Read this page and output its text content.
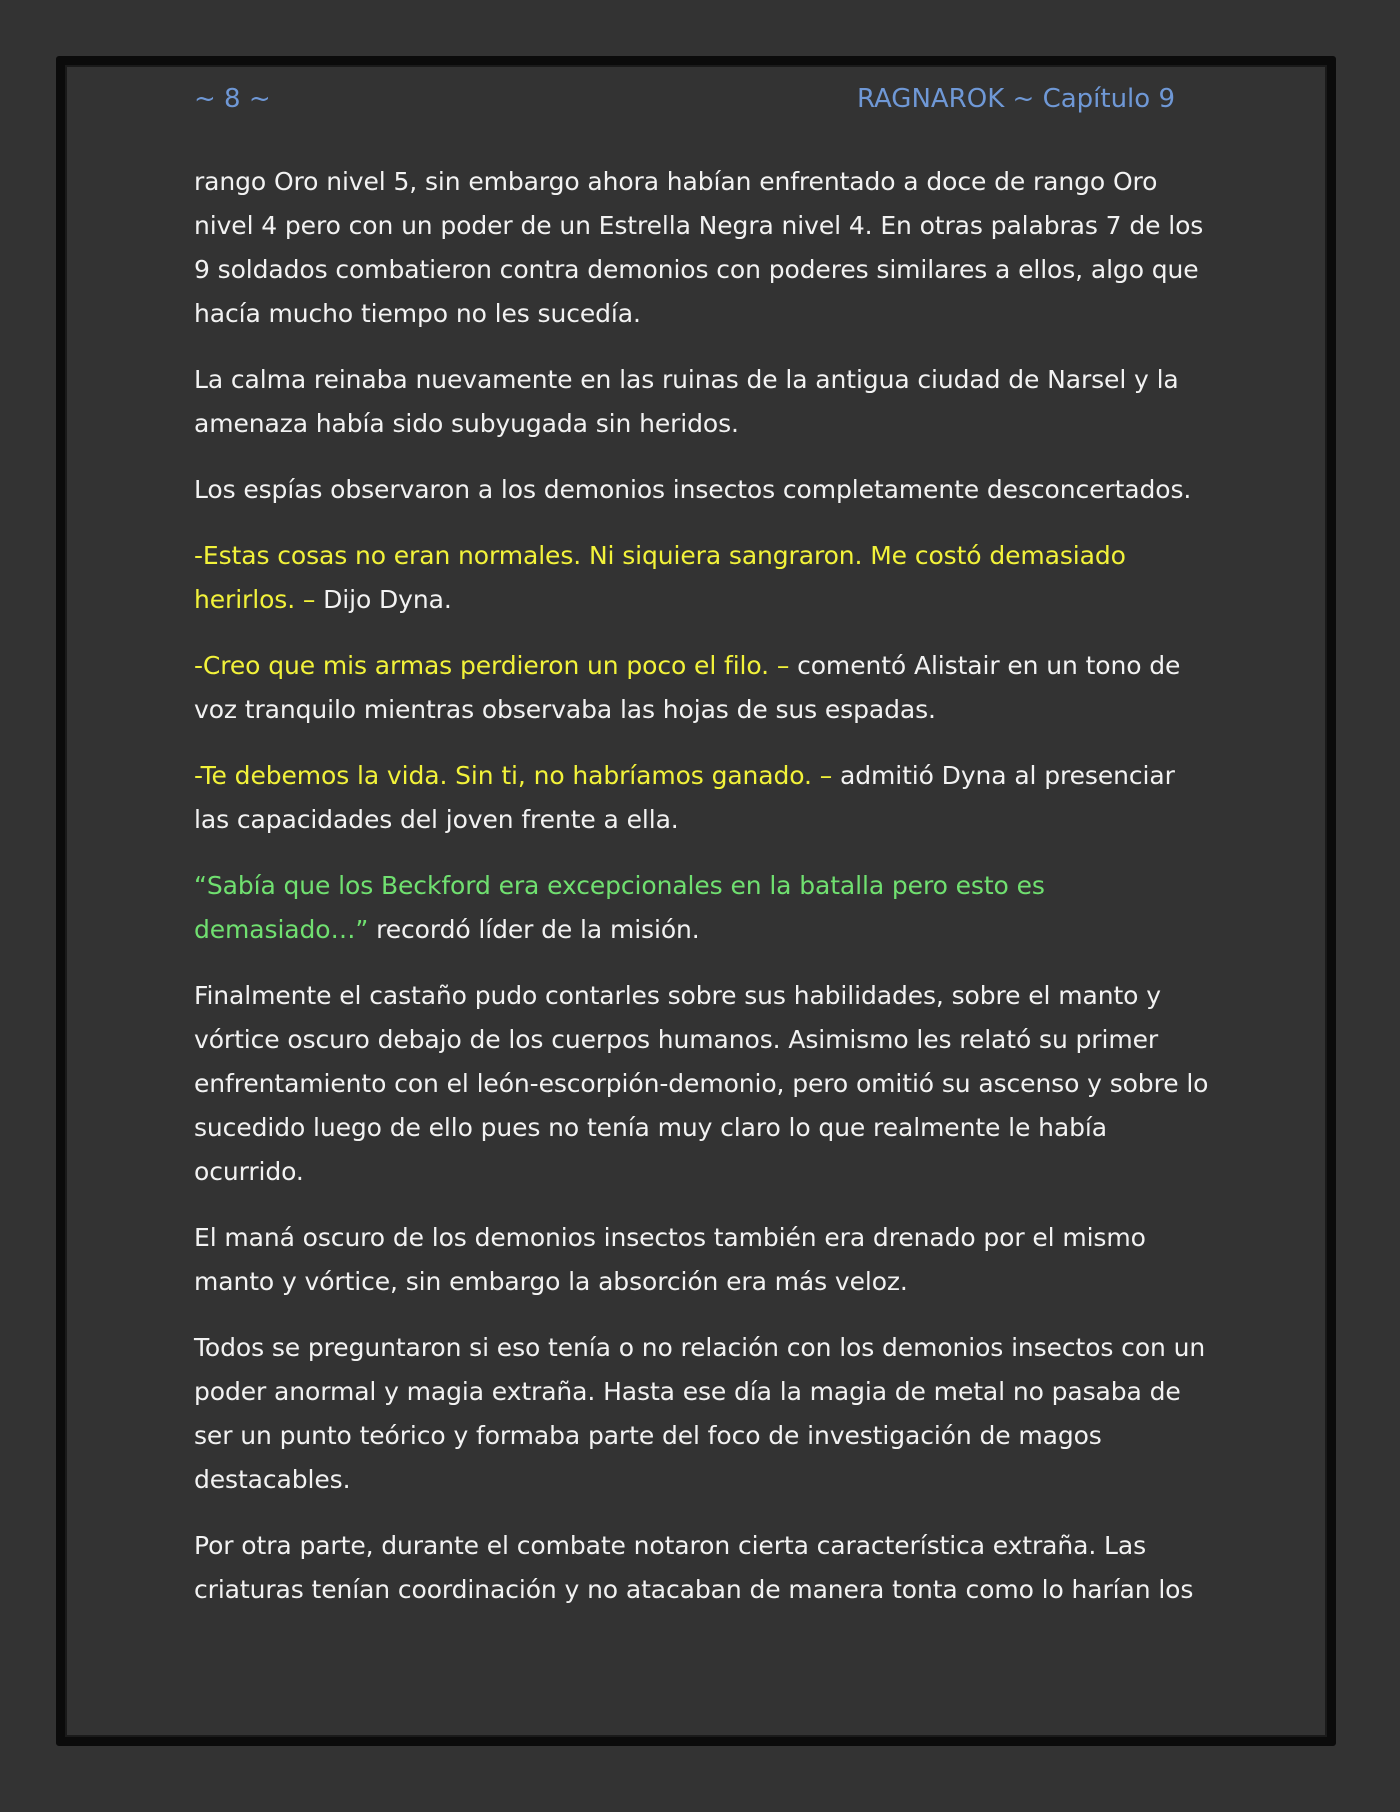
~ 8 ~	RAGNAROK ~ Capítulo 9

rango Oro nivel 5, sin embargo ahora habían enfrentado a doce de rango Oro nivel 4 pero con un poder de un Estrella Negra nivel 4. En otras palabras 7 de los 9 soldados combatieron contra demonios con poderes similares a ellos, algo que hacía mucho tiempo no les sucedía.

La calma reinaba nuevamente en las ruinas de la antigua ciudad de Narsel y la amenaza había sido subyugada sin heridos.

Los espías observaron a los demonios insectos completamente desconcertados.

-Estas cosas no eran normales. Ni siquiera sangraron. Me costó demasiado herirlos. – Dijo Dyna.

-Creo que mis armas perdieron un poco el filo. – comentó Alistair en un tono de voz tranquilo mientras observaba las hojas de sus espadas.

-Te debemos la vida. Sin ti, no habríamos ganado. – admitió Dyna al presenciar las capacidades del joven frente a ella.

“Sabía que los Beckford era excepcionales en la batalla pero esto es demasiado…” recordó líder de la misión.

Finalmente el castaño pudo contarles sobre sus habilidades, sobre el manto y vórtice oscuro debajo de los cuerpos humanos. Asimismo les relató su primer enfrentamiento con el león-escorpión-demonio, pero omitió su ascenso y sobre lo sucedido luego de ello pues no tenía muy claro lo que realmente le había ocurrido.

El maná oscuro de los demonios insectos también era drenado por el mismo manto y vórtice, sin embargo la absorción era más veloz.

Todos se preguntaron si eso tenía o no relación con los demonios insectos con un poder anormal y magia extraña. Hasta ese día la magia de metal no pasaba de ser un punto teórico y formaba parte del foco de investigación de magos destacables.

Por otra parte, durante el combate notaron cierta característica extraña. Las criaturas tenían coordinación y no atacaban de manera tonta como lo harían los
